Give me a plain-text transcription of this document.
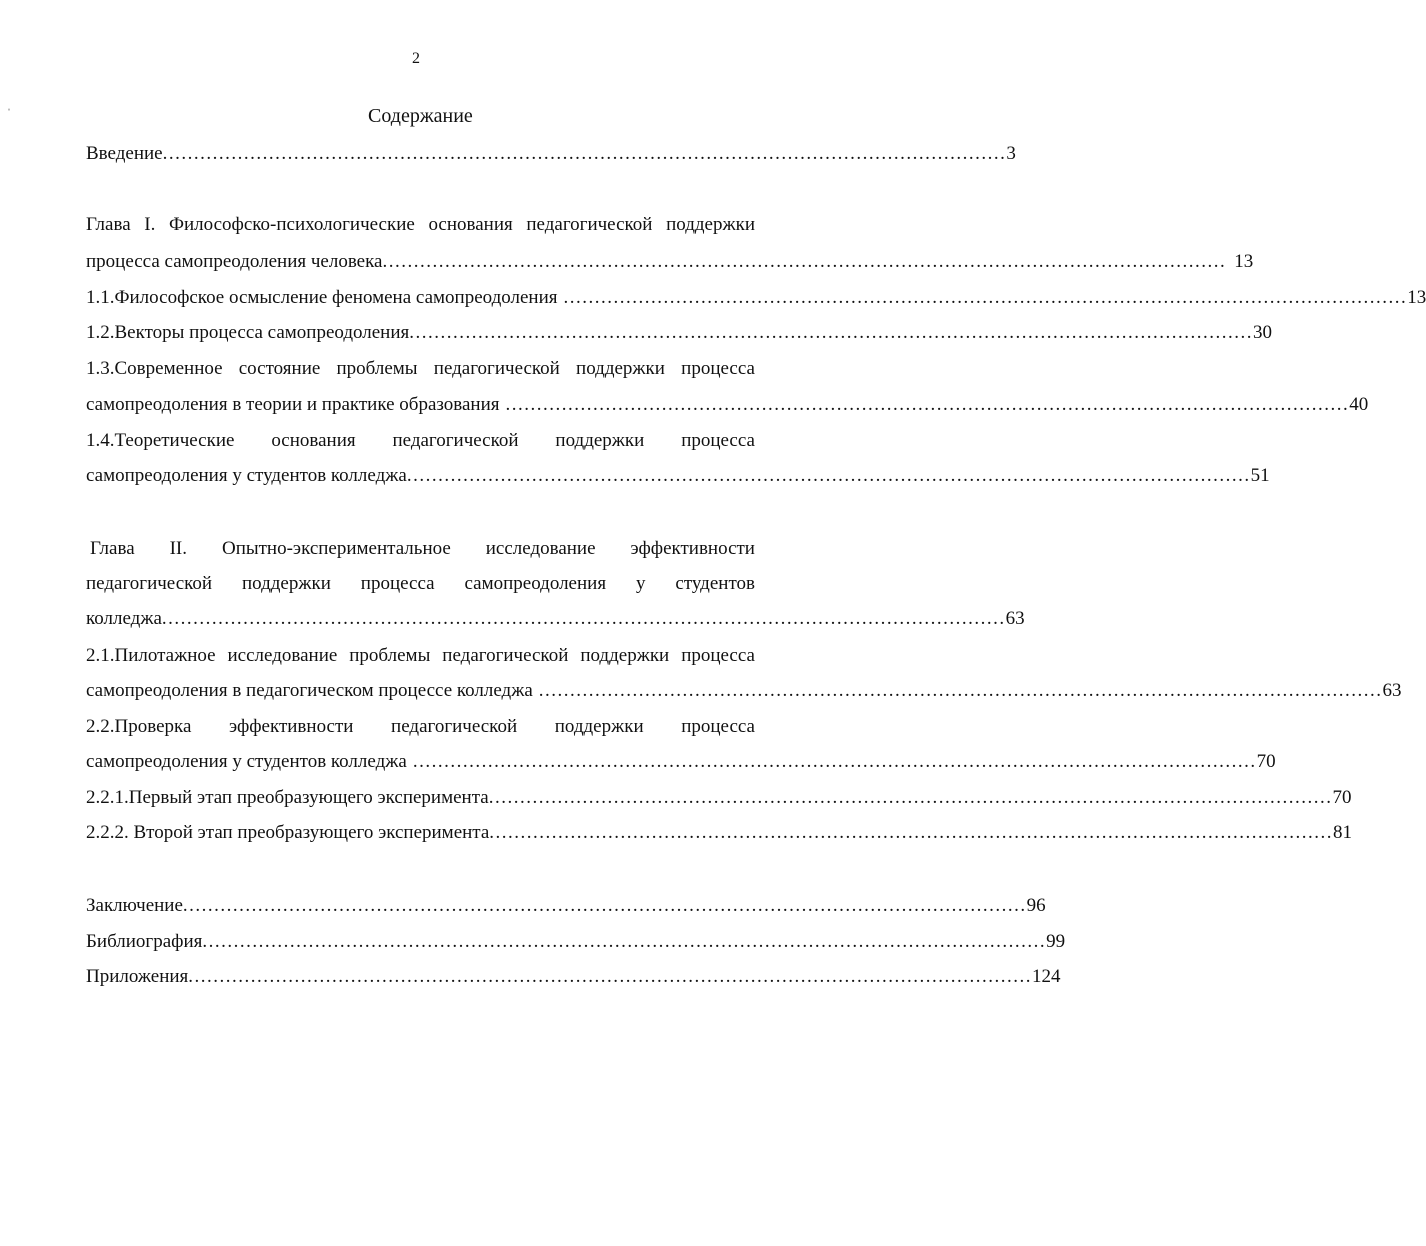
2
ˈ	Содержание
Введение ....................................................................................................................................... 3
Глава I. Философско-психологические основания педагогической поддержки
процесса самопреодоления человека ....................................................................................................................................... 13
1.1.Философское осмысление феномена самопреодоления ....................................................................................................................................... 13
1.2.Векторы процесса самопреодоления ....................................................................................................................................... 30
1.3.Современное состояние проблемы педагогической поддержки процесса
самопреодоления в теории и практике образования ....................................................................................................................................... 40
1.4.Теоретические основания педагогической поддержки процесса
самопреодоления у студентов колледжа ....................................................................................................................................... 51
Глава II. Опытно-экспериментальное исследование эффективности
педагогической поддержки процесса самопреодоления у студентов
колледжа ....................................................................................................................................... 63
2.1.Пилотажное исследование проблемы педагогической поддержки процесса
самопреодоления в педагогическом процессе колледжа ....................................................................................................................................... 63
2.2.Проверка эффективности педагогической поддержки процесса
самопреодоления у студентов колледжа ....................................................................................................................................... 70
2.2.1.Первый этап преобразующего эксперимента ....................................................................................................................................... 70
2.2.2. Второй этап преобразующего эксперимента ....................................................................................................................................... 81
Заключение ....................................................................................................................................... 96
Библиография ....................................................................................................................................... 99
Приложения ....................................................................................................................................... 124
